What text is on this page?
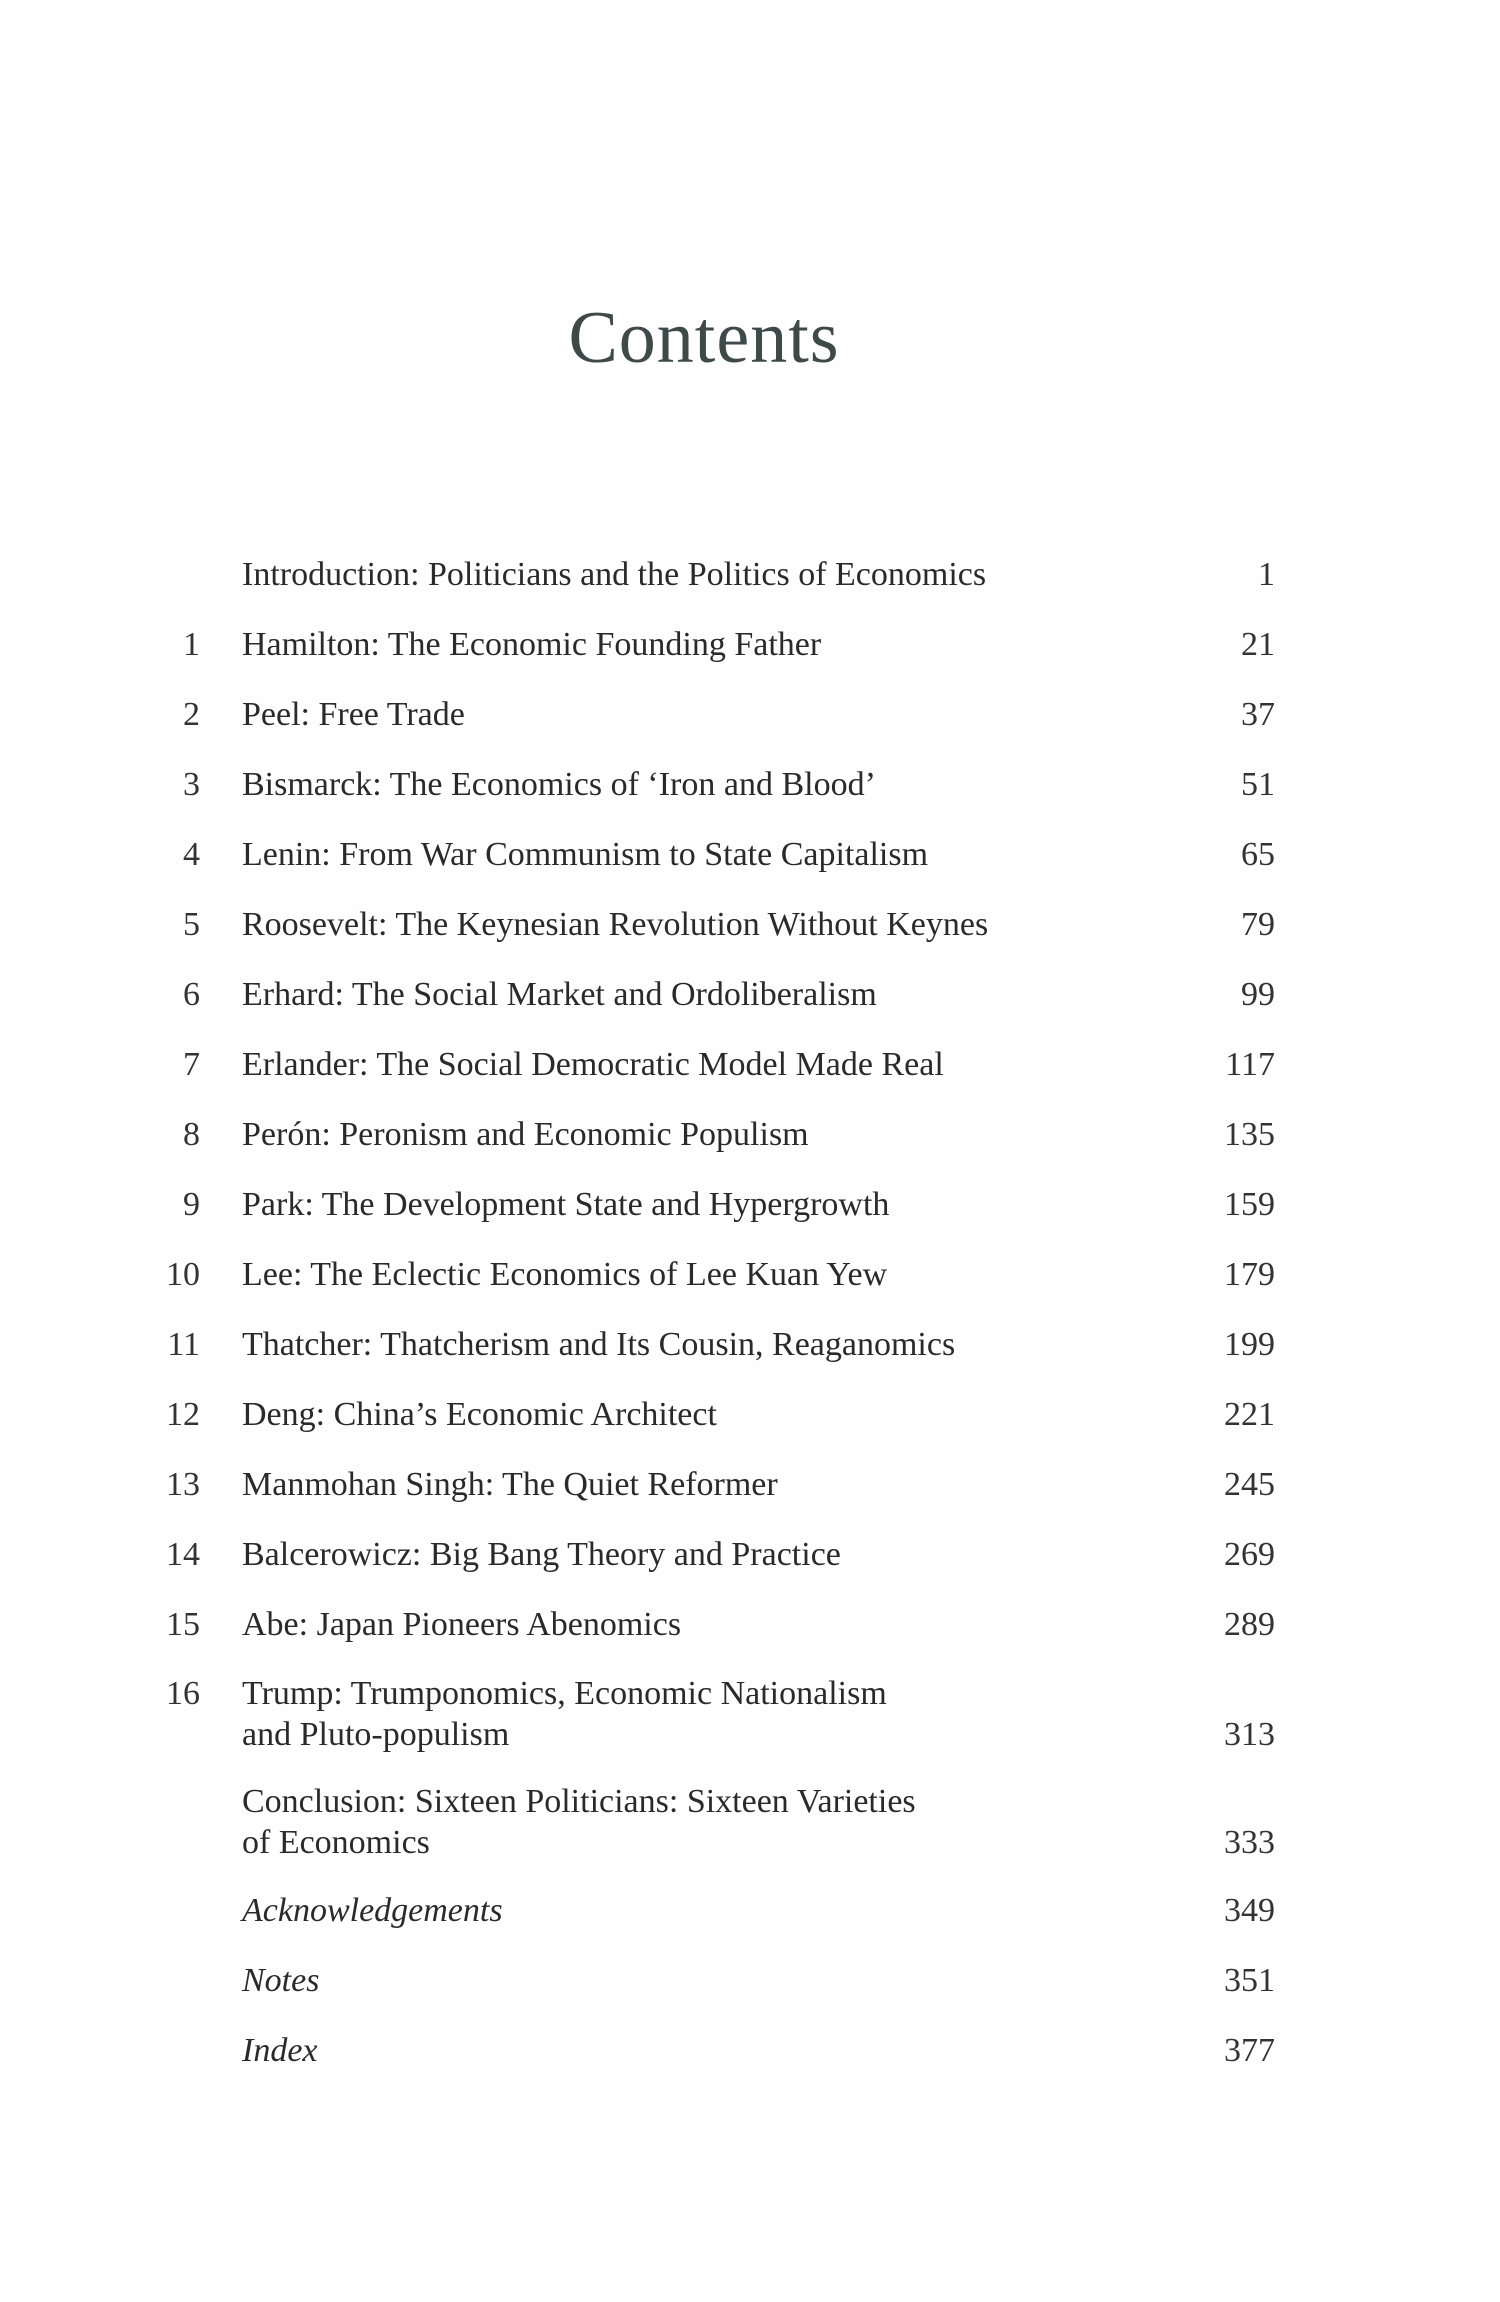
Contents
Introduction: Politicians and the Politics of Economics	1
1	Hamilton: The Economic Founding Father	21
2	Peel: Free Trade	37
3	Bismarck: The Economics of ‘Iron and Blood’	51
4	Lenin: From War Communism to State Capitalism	65
5	Roosevelt: The Keynesian Revolution Without Keynes	79
6	Erhard: The Social Market and Ordoliberalism	99
7	Erlander: The Social Democratic Model Made Real	117
8	Perón: Peronism and Economic Populism	135
9	Park: The Development State and Hypergrowth	159
10	Lee: The Eclectic Economics of Lee Kuan Yew	179
11	Thatcher: Thatcherism and Its Cousin, Reaganomics	199
12	Deng: China’s Economic Architect	221
13	Manmohan Singh: The Quiet Reformer	245
14	Balcerowicz: Big Bang Theory and Practice	269
15	Abe: Japan Pioneers Abenomics	289
16	Trump: Trumponomics, Economic Nationalism
and Pluto-populism	313
Conclusion: Sixteen Politicians: Sixteen Varieties
of Economics	333
Acknowledgements	349
Notes	351
Index	377
